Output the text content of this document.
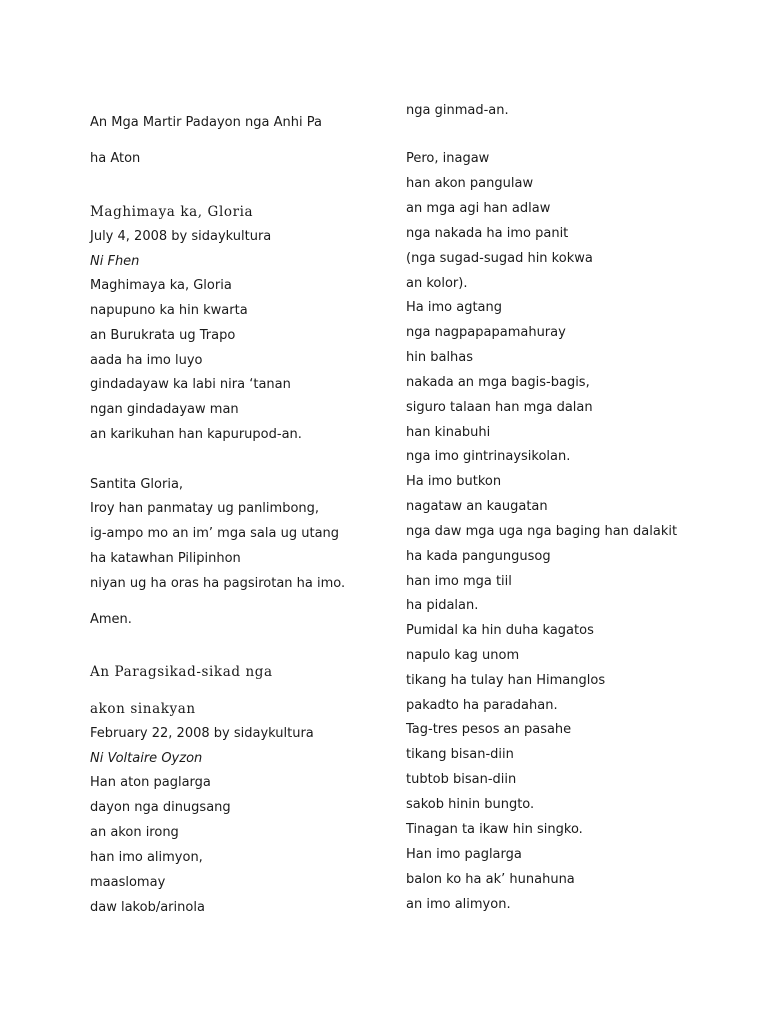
An Mga Martir Padayon nga Anhi Pa
ha Aton
Maghimaya ka, Gloria
July 4, 2008 by sidaykultura
Ni Fhen
Maghimaya ka, Gloria
napupuno ka hin kwarta
an Burukrata ug Trapo
aada ha imo luyo
gindadayaw ka labi nira ‘tanan
ngan gindadayaw man
an karikuhan han kapurupod-an.
Santita Gloria,
Iroy han panmatay ug panlimbong,
ig-ampo mo an im’ mga sala ug utang
ha katawhan Pilipinhon
niyan ug ha oras ha pagsirotan ha imo.
Amen.
An Paragsikad-sikad nga
akon sinakyan
February 22, 2008 by sidaykultura
Ni Voltaire Oyzon
Han aton paglarga
dayon nga dinugsang
an akon irong
han imo alimyon,
maaslomay
daw lakob/arinola
nga ginmad-an.
Pero, inagaw
han akon pangulaw
an mga agi han adlaw
nga nakada ha imo panit
(nga sugad-sugad hin kokwa
an kolor).
Ha imo agtang
nga nagpapapamahuray
hin balhas
nakada an mga bagis-bagis,
siguro talaan han mga dalan
han kinabuhi
nga imo gintrinaysikolan.
Ha imo butkon
nagataw an kaugatan
nga daw mga uga nga baging han dalakit
ha kada pangungusog
han imo mga tiil
ha pidalan.
Pumidal ka hin duha kagatos
napulo kag unom
tikang ha tulay han Himanglos
pakadto ha paradahan.
Tag-tres pesos an pasahe
tikang bisan-diin
tubtob bisan-diin
sakob hinin bungto.
Tinagan ta ikaw hin singko.
Han imo paglarga
balon ko ha ak’ hunahuna
an imo alimyon.
